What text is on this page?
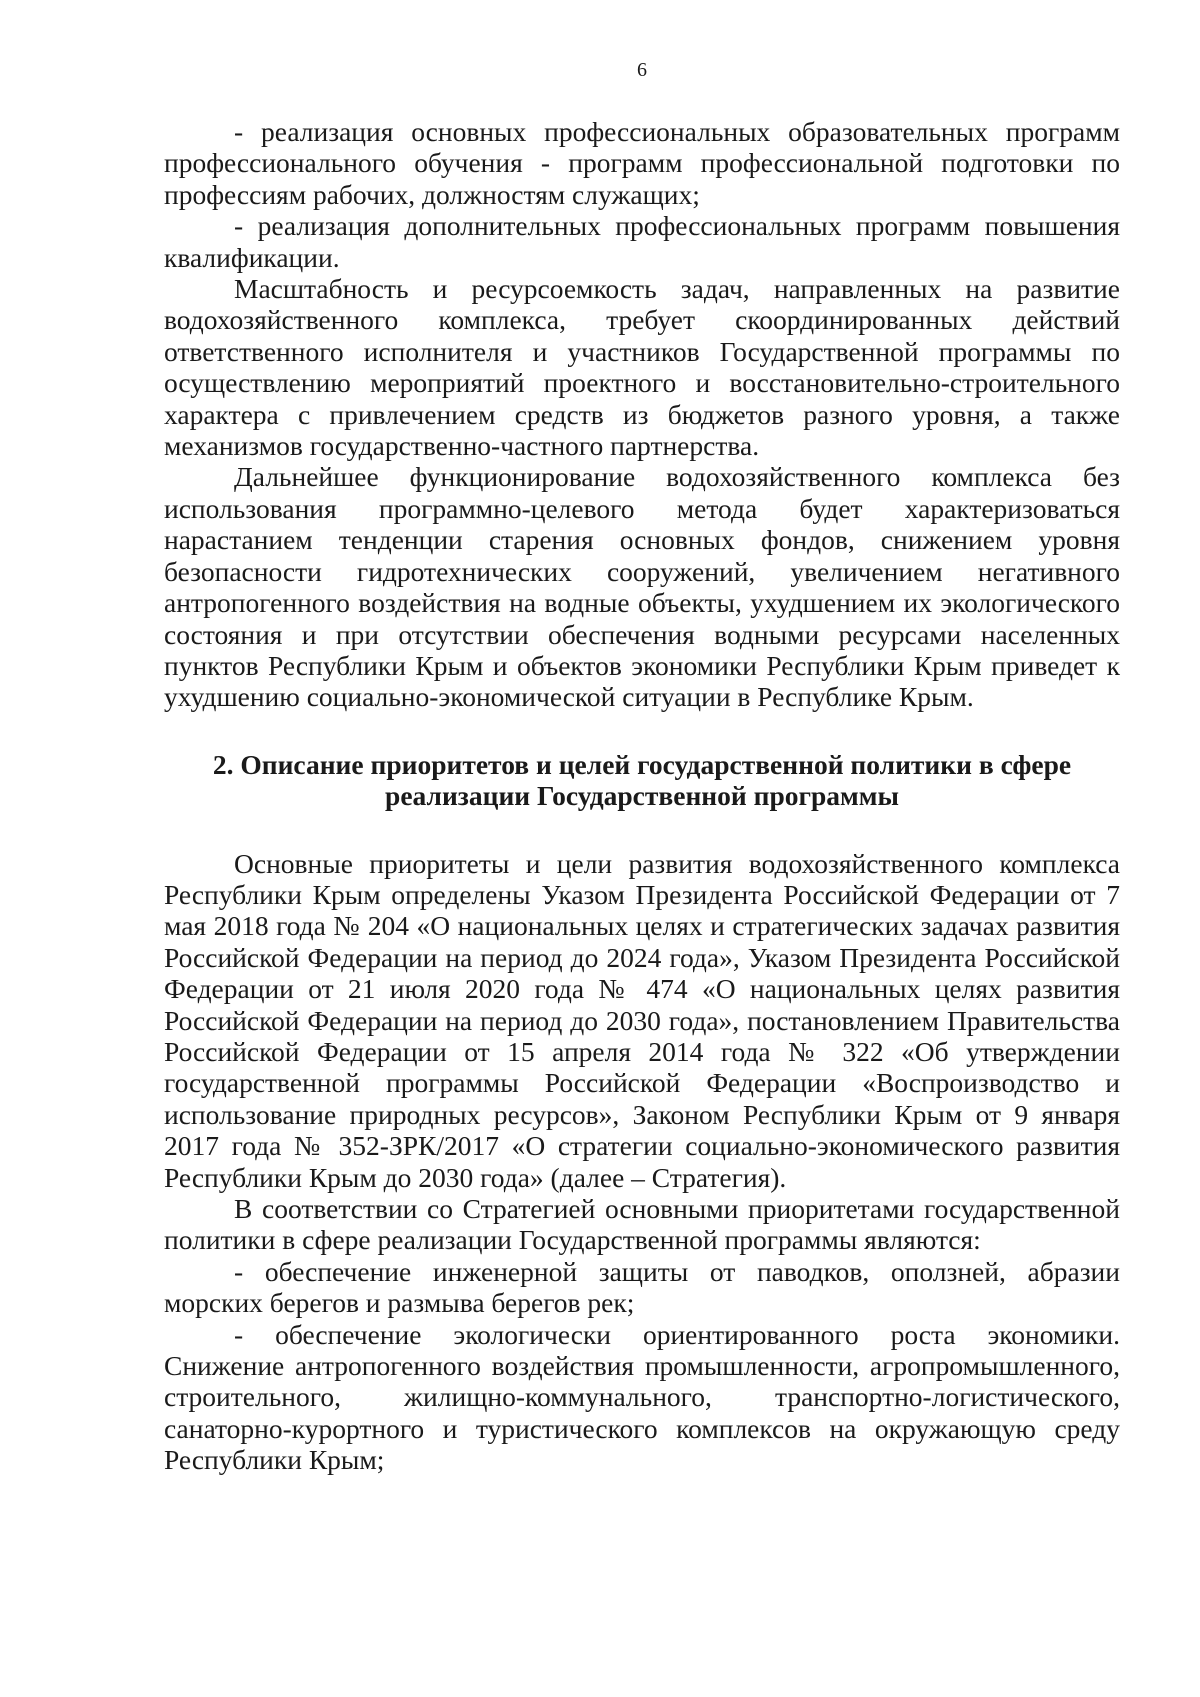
6

- реализация основных профессиональных образовательных программ профессионального обучения - программ профессиональной подготовки по профессиям рабочих, должностям служащих;

- реализация дополнительных профессиональных программ повышения квалификации.

Масштабность и ресурсоемкость задач, направленных на развитие водохозяйственного комплекса, требует скоординированных действий ответственного исполнителя и участников Государственной программы по осуществлению мероприятий проектного и восстановительно-строительного характера с привлечением средств из бюджетов разного уровня, а также механизмов государственно-частного партнерства.

Дальнейшее функционирование водохозяйственного комплекса без использования программно-целевого метода будет характеризоваться нарастанием тенденции старения основных фондов, снижением уровня безопасности гидротехнических сооружений, увеличением негативного антропогенного воздействия на водные объекты, ухудшением их экологического состояния и при отсутствии обеспечения водными ресурсами населенных пунктов Республики Крым и объектов экономики Республики Крым приведет к ухудшению социально-экономической ситуации в Республике Крым.

2. Описание приоритетов и целей государственной политики в сфере
реализации Государственной программы

Основные приоритеты и цели развития водохозяйственного комплекса Республики Крым определены Указом Президента Российской Федерации от 7 мая 2018 года № 204 «О национальных целях и стратегических задачах развития Российской Федерации на период до 2024 года», Указом Президента Российской Федерации от 21 июля 2020 года № 474 «О национальных целях развития Российской Федерации на период до 2030 года», постановлением Правительства Российской Федерации от 15 апреля 2014 года № 322 «Об утверждении государственной программы Российской Федерации «Воспроизводство и использование природных ресурсов», Законом Республики Крым от 9 января 2017 года № 352-ЗРК/2017 «О стратегии социально-экономического развития Республики Крым до 2030 года» (далее – Стратегия).

В соответствии со Стратегией основными приоритетами государственной политики в сфере реализации Государственной программы являются:

- обеспечение инженерной защиты от паводков, оползней, абразии морских берегов и размыва берегов рек;

- обеспечение экологически ориентированного роста экономики. Снижение антропогенного воздействия промышленности, агропромышленного, строительного, жилищно-коммунального, транспортно-логистического, санаторно-курортного и туристического комплексов на окружающую среду Республики Крым;
